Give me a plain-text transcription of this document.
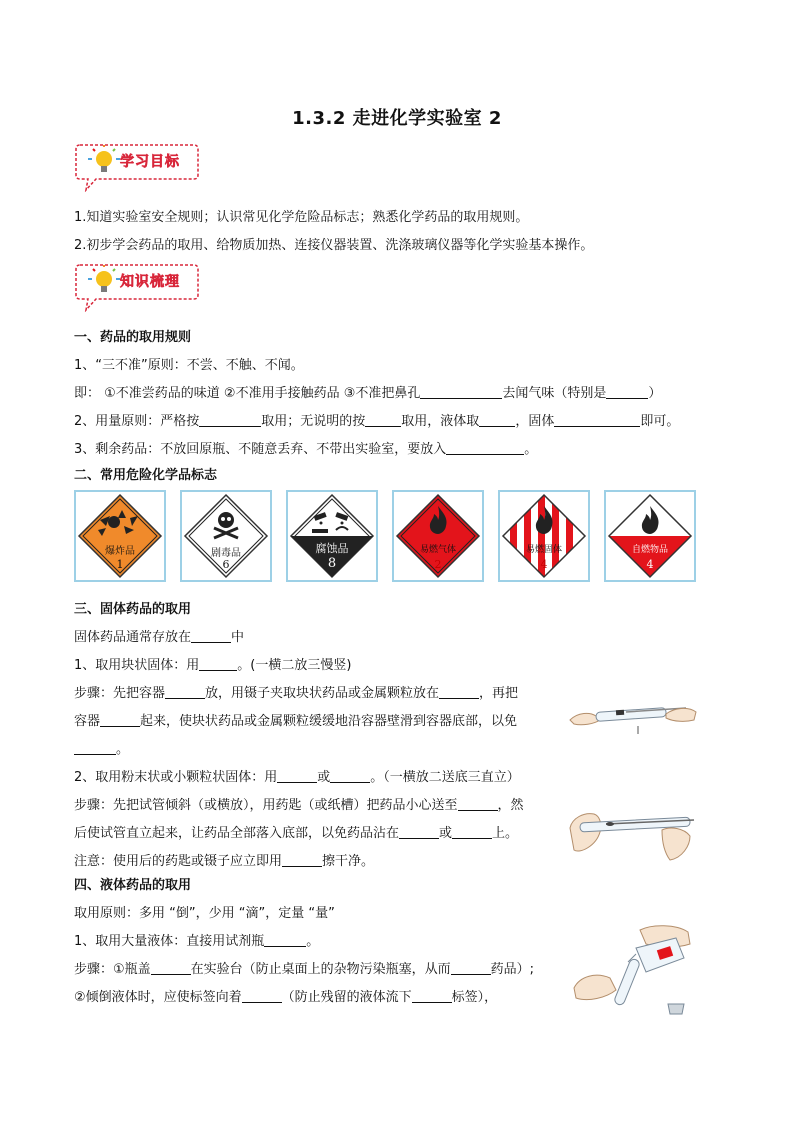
1.3.2 走进化学实验室 2
学习目标
1.知道实验室安全规则；认识常见化学危险品标志；熟悉化学药品的取用规则。
2.初步学会药品的取用、给物质加热、连接仪器装置、洗涤玻璃仪器等化学实验基本操作。
知识梳理
一、药品的取用规则
1、“三不准”原则：不尝、不触、不闻。
即： ①不准尝药品的味道 ②不准用手接触药品 ③不准把鼻孔	去闻气味（特别是	）
2、用量原则：严格按	取用；无说明的按	取用，液体取	，固体	即可。
3、剩余药品：不放回原瓶、不随意丢弃、不带出实验室，要放入	。
二、常用危险化学品标志
爆炸品
1
剧毒品
6
腐蚀品
8
易燃气体
2
易燃固体
4
自燃物品
4
三、固体药品的取用
固体药品通常存放在	中
1、取用块状固体：用	。(一横二放三慢竖)
步骤：先把容器	放，用镊子夹取块状药品或金属颗粒放在	，再把
容器	起来，使块状药品或金属颗粒缓缓地沿容器壁滑到容器底部，以免
。
2、取用粉末状或小颗粒状固体：用	或	。（一横放二送底三直立）
步骤：先把试管倾斜（或横放），用药匙（或纸槽）把药品小心送至	，然
后使试管直立起来，让药品全部落入底部，以免药品沾在	或	上。
注意：使用后的药匙或镊子应立即用	擦干净。
四、液体药品的取用
取用原则：多用 “倒”，少用 “滴”，定量 “量”
1、取用大量液体：直接用试剂瓶	。
步骤：①瓶盖	在实验台（防止桌面上的杂物污染瓶塞，从而	药品）;
②倾倒液体时，应使标签向着	（防止残留的液体流下	标签），
